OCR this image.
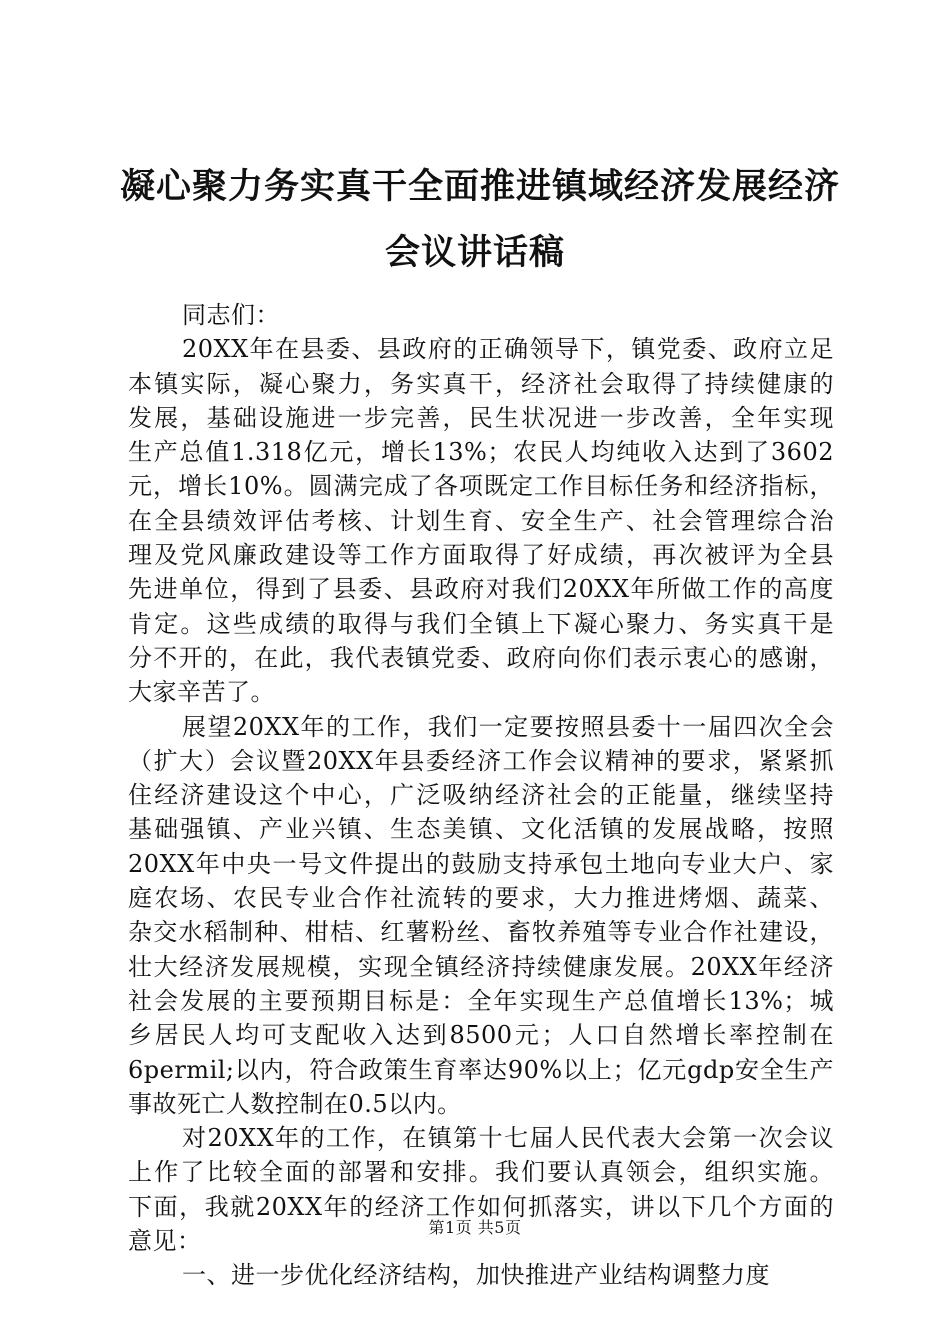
凝心聚力务实真干全面推进镇域经济发展经济
会议讲话稿
同志们：
20XX年在县委、县政府的正确领导下，镇党委、政府立足
本镇实际，凝心聚力，务实真干，经济社会取得了持续健康的
发展，基础设施进一步完善，民生状况进一步改善，全年实现
生产总值1.318亿元，增长13%；农民人均纯收入达到了3602
元，增长10%。圆满完成了各项既定工作目标任务和经济指标，
在全县绩效评估考核、计划生育、安全生产、社会管理综合治
理及党风廉政建设等工作方面取得了好成绩，再次被评为全县
先进单位，得到了县委、县政府对我们20XX年所做工作的高度
肯定。这些成绩的取得与我们全镇上下凝心聚力、务实真干是
分不开的，在此，我代表镇党委、政府向你们表示衷心的感谢，
大家辛苦了。
展望20XX年的工作，我们一定要按照县委十一届四次全会
（扩大）会议暨20XX年县委经济工作会议精神的要求，紧紧抓
住经济建设这个中心，广泛吸纳经济社会的正能量，继续坚持
基础强镇、产业兴镇、生态美镇、文化活镇的发展战略，按照
20XX年中央一号文件提出的鼓励支持承包土地向专业大户、家
庭农场、农民专业合作社流转的要求，大力推进烤烟、蔬菜、
杂交水稻制种、柑桔、红薯粉丝、畜牧养殖等专业合作社建设，
壮大经济发展规模，实现全镇经济持续健康发展。20XX年经济
社会发展的主要预期目标是：全年实现生产总值增长13%；城
乡居民人均可支配收入达到8500元；人口自然增长率控制在
6permil;以内，符合政策生育率达90%以上；亿元gdp安全生产
事故死亡人数控制在0.5以内。
对20XX年的工作，在镇第十七届人民代表大会第一次会议
上作了比较全面的部署和安排。我们要认真领会，组织实施。
下面，我就20XX年的经济工作如何抓落实，讲以下几个方面的
意见：
一、进一步优化经济结构，加快推进产业结构调整力度
第1页 共5页
